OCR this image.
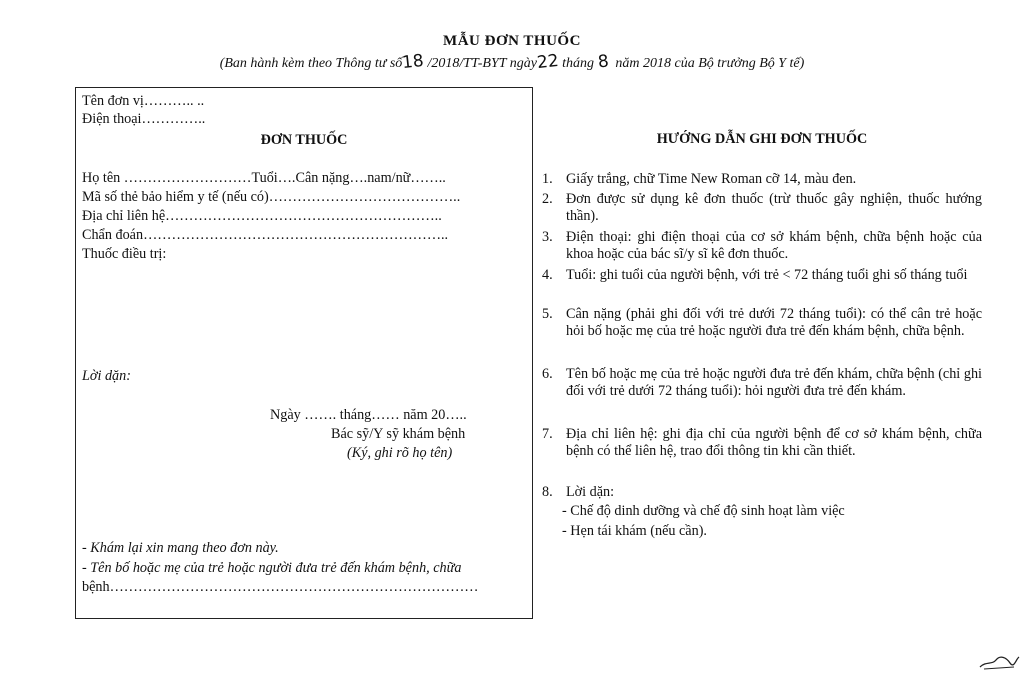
MẪU ĐƠN THUỐC
(Ban hành kèm theo Thông tư số18 /2018/TT-BYT ngày22 tháng 8 năm 2018 của Bộ trưởng Bộ Y tế)
Tên đơn vị……….. ..
Điện thoại…………..
ĐƠN THUỐC
Họ tên ………………………Tuổi….Cân nặng….nam/nữ……..
Mã số thẻ bảo hiểm y tế (nếu có)…………………………………..
Địa chỉ liên hệ…………………………………………………..
Chẩn đoán………………………………………………………..
Thuốc điều trị:
Lời dặn:
Ngày ……. tháng…… năm 20…..
Bác sỹ/Y sỹ khám bệnh
(Ký, ghi rõ họ tên)
- Khám lại xin mang theo đơn này.
- Tên bố hoặc mẹ của trẻ hoặc người đưa trẻ đến khám bệnh, chữa
bệnh……………………………………………………………………
HƯỚNG DẪN GHI ĐƠN THUỐC
1. Giấy trắng, chữ Time New Roman cỡ 14, màu đen.
2. Đơn được sử dụng kê đơn thuốc (trừ thuốc gây nghiện, thuốc hướng thần).
3. Điện thoại: ghi điện thoại của cơ sở khám bệnh, chữa bệnh hoặc của khoa hoặc của bác sĩ/y sĩ kê đơn thuốc.
4. Tuổi: ghi tuổi của người bệnh, với trẻ < 72 tháng tuổi ghi số tháng tuổi
5. Cân nặng (phải ghi đối với trẻ dưới 72 tháng tuổi): có thể cân trẻ hoặc hỏi bố hoặc mẹ của trẻ hoặc người đưa trẻ đến khám bệnh, chữa bệnh.
6. Tên bố hoặc mẹ của trẻ hoặc người đưa trẻ đến khám, chữa bệnh (chỉ ghi đối với trẻ dưới 72 tháng tuổi): hỏi người đưa trẻ đến khám.
7. Địa chỉ liên hệ: ghi địa chỉ của người bệnh để cơ sở khám bệnh, chữa bệnh có thể liên hệ, trao đổi thông tin khi cần thiết.
8. Lời dặn:
- Chế độ dinh dưỡng và chế độ sinh hoạt làm việc
- Hẹn tái khám (nếu cần).
